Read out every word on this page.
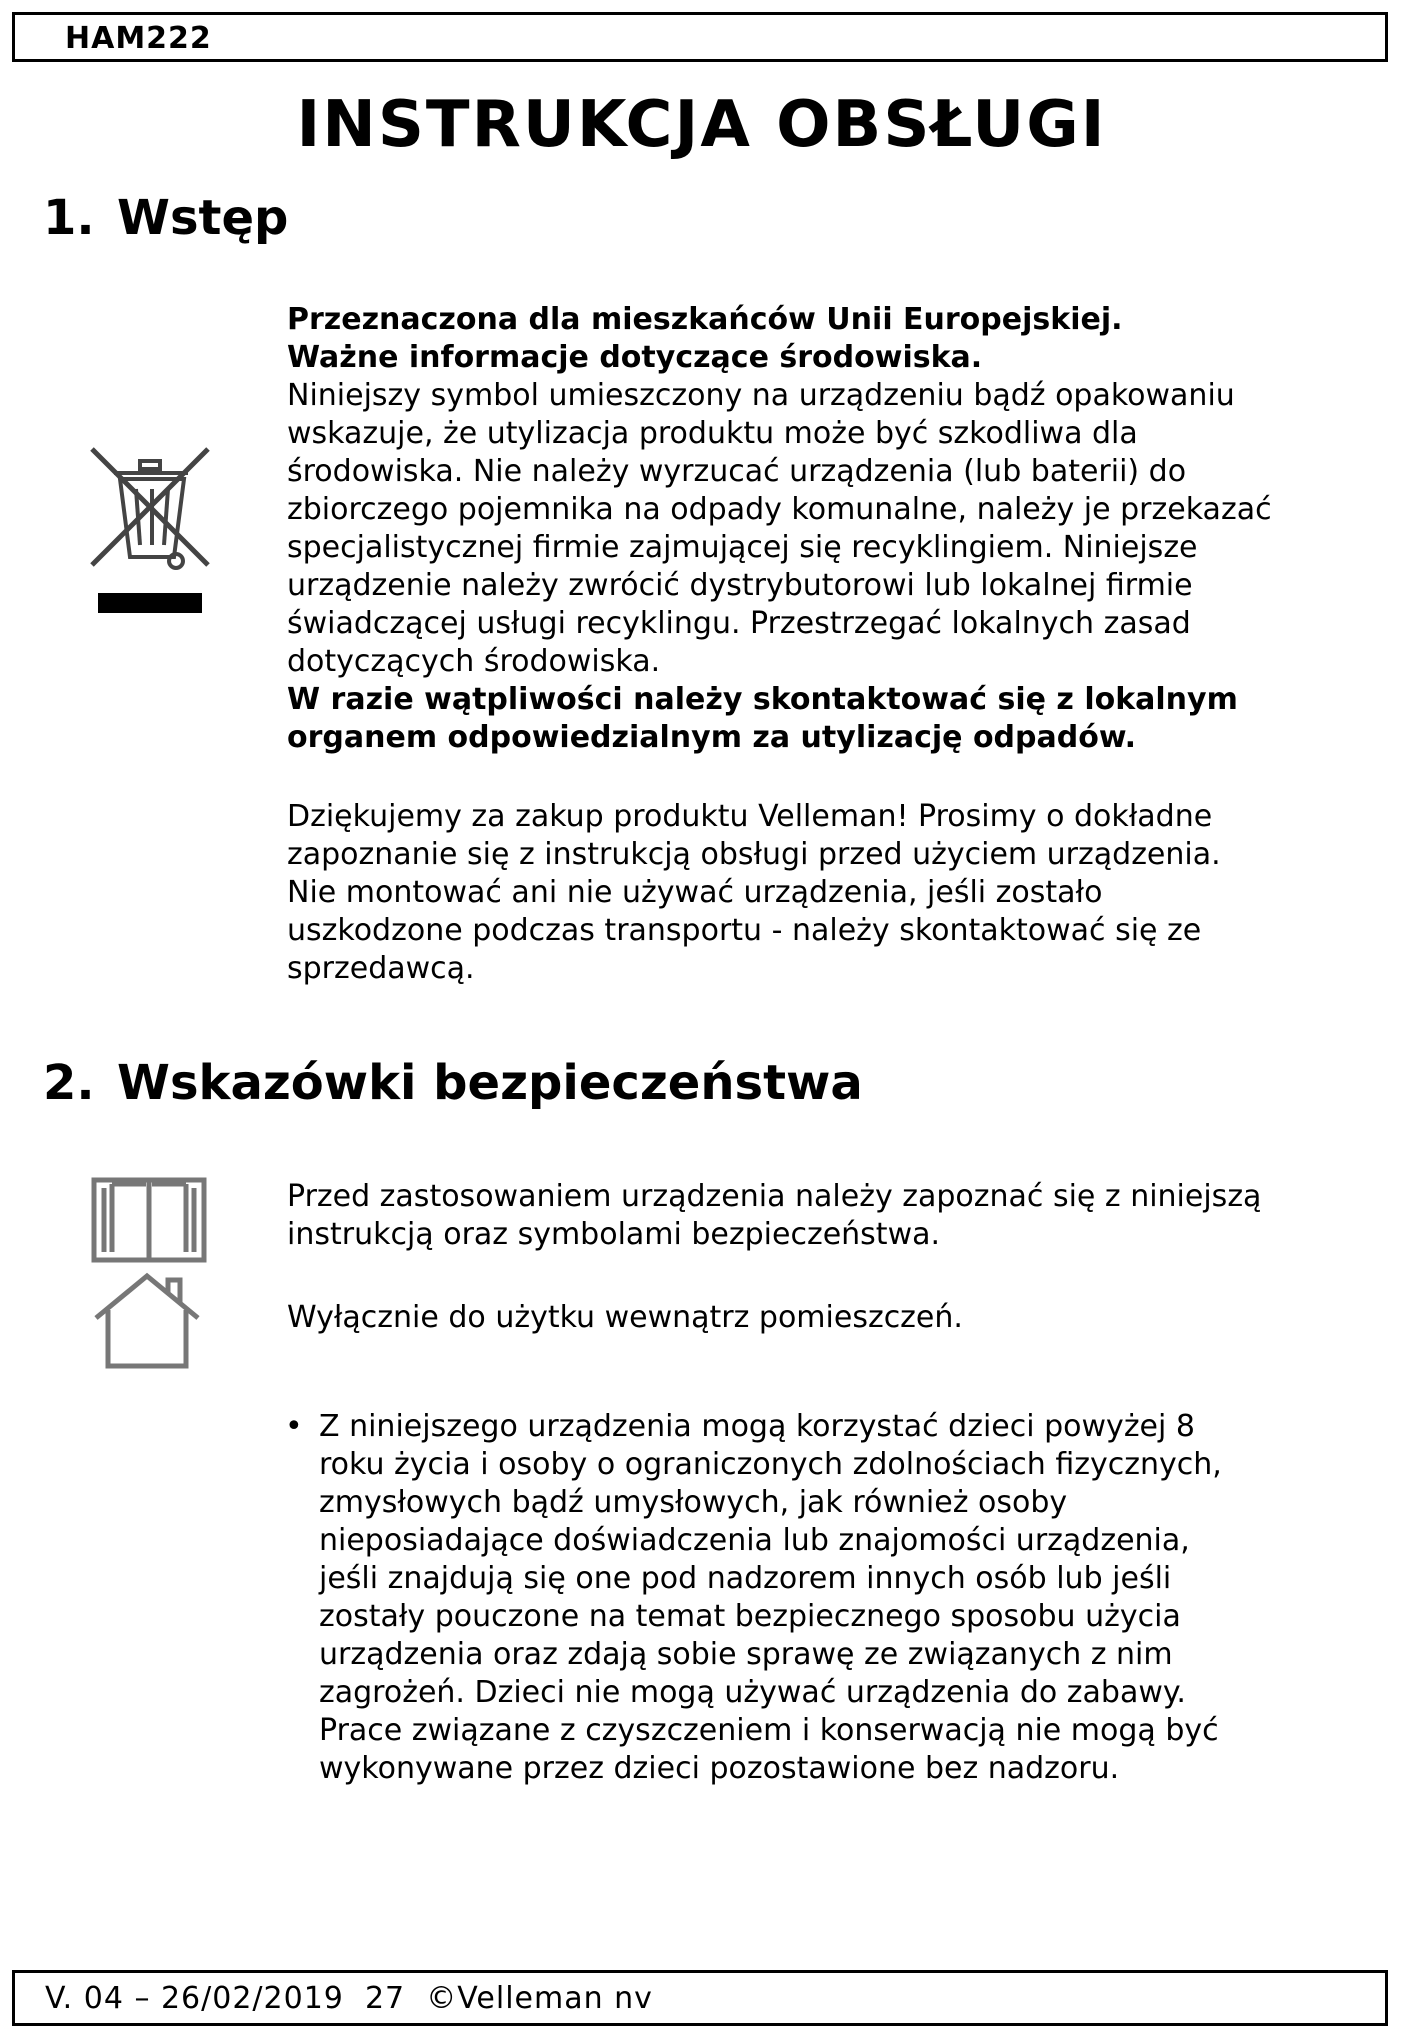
HAM222
INSTRUKCJA OBSŁUGI
1. Wstęp

Przeznaczona dla mieszkańców Unii Europejskiej.

Ważne informacje dotyczące środowiska.

Niniejszy symbol umieszczony na urządzeniu bądź opakowaniu
wskazuje, że utylizacja produktu może być szkodliwa dla
środowiska. Nie należy wyrzucać urządzenia (lub baterii) do
zbiorczego pojemnika na odpady komunalne, należy je przekazać
specjalistycznej firmie zajmującej się recyklingiem. Niniejsze
urządzenie należy zwrócić dystrybutorowi lub lokalnej firmie
świadczącej usługi recyklingu. Przestrzegać lokalnych zasad
dotyczących środowiska.

W razie wątpliwości należy skontaktować się z lokalnym
organem odpowiedzialnym za utylizację odpadów.

Dziękujemy za zakup produktu Velleman! Prosimy o dokładne
zapoznanie się z instrukcją obsługi przed użyciem urządzenia.
Nie montować ani nie używać urządzenia, jeśli zostało
uszkodzone podczas transportu - należy skontaktować się ze
sprzedawcą.

2. Wskazówki bezpieczeństwa

Przed zastosowaniem urządzenia należy zapoznać się z niniejszą
instrukcją oraz symbolami bezpieczeństwa.

Wyłącznie do użytku wewnątrz pomieszczeń.

• Z niniejszego urządzenia mogą korzystać dzieci powyżej 8
roku życia i osoby o ograniczonych zdolnościach fizycznych,
zmysłowych bądź umysłowych, jak również osoby
nieposiadające doświadczenia lub znajomości urządzenia,
jeśli znajdują się one pod nadzorem innych osób lub jeśli
zostały pouczone na temat bezpiecznego sposobu użycia
urządzenia oraz zdają sobie sprawę ze związanych z nim
zagrożeń. Dzieci nie mogą używać urządzenia do zabawy.
Prace związane z czyszczeniem i konserwacją nie mogą być
wykonywane przez dzieci pozostawione bez nadzoru.
V. 04 – 26/02/2019  27  ©Velleman nv
